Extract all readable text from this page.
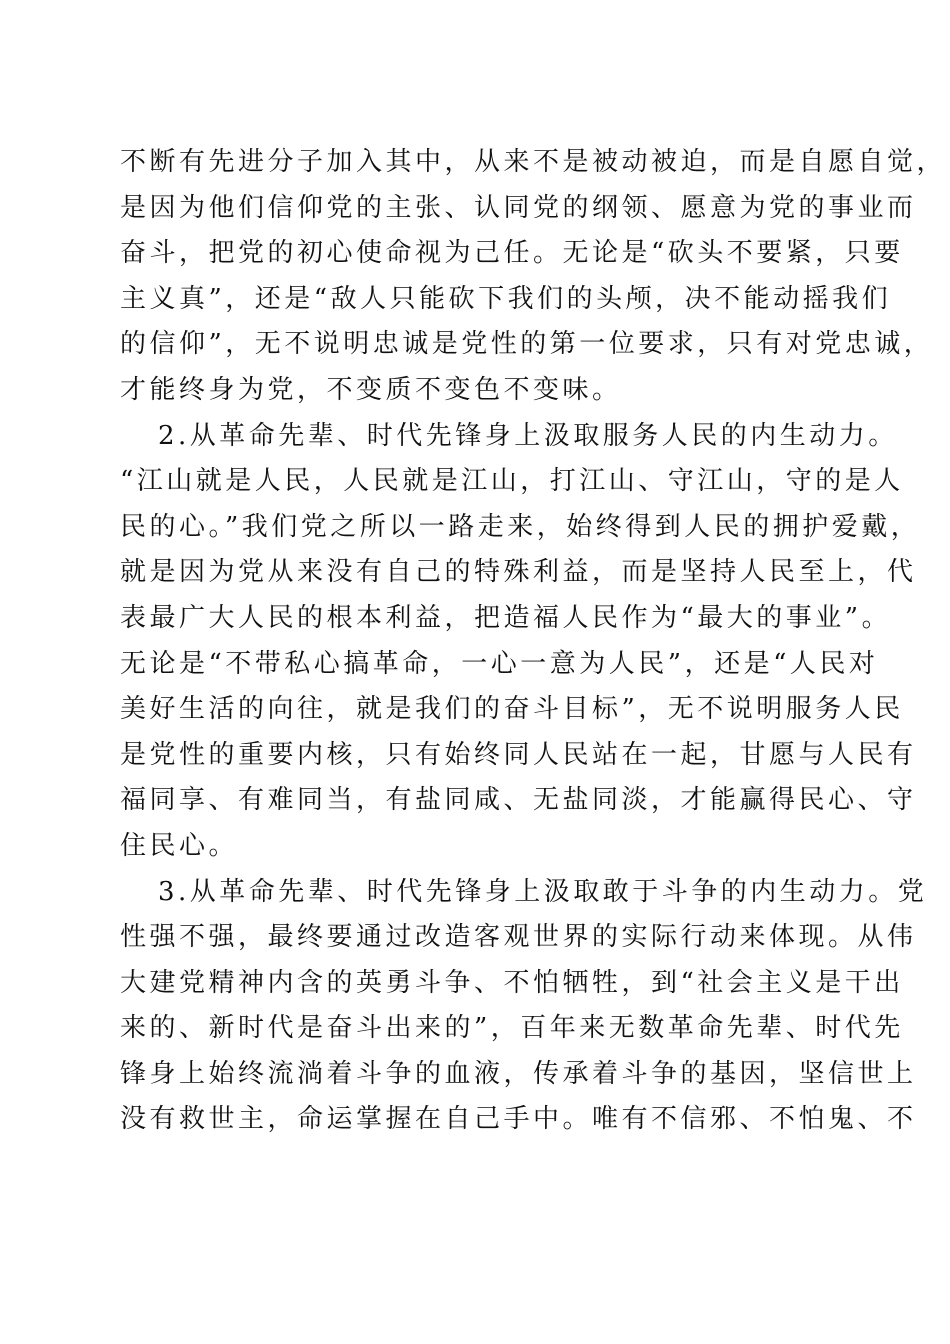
不断有先进分子加入其中，从来不是被动被迫，而是自愿自觉，
是因为他们信仰党的主张、认同党的纲领、愿意为党的事业而
奋斗，把党的初心使命视为己任。无论是“砍头不要紧，只要
主义真”，还是“敌人只能砍下我们的头颅，决不能动摇我们
的信仰”，无不说明忠诚是党性的第一位要求，只有对党忠诚，
才能终身为党，不变质不变色不变味。
2.从革命先辈、时代先锋身上汲取服务人民的内生动力。
“江山就是人民，人民就是江山，打江山、守江山，守的是人
民的心。”我们党之所以一路走来，始终得到人民的拥护爱戴，
就是因为党从来没有自己的特殊利益，而是坚持人民至上，代
表最广大人民的根本利益，把造福人民作为“最大的事业”。
无论是“不带私心搞革命，一心一意为人民”，还是“人民对
美好生活的向往，就是我们的奋斗目标”，无不说明服务人民
是党性的重要内核，只有始终同人民站在一起，甘愿与人民有
福同享、有难同当，有盐同咸、无盐同淡，才能赢得民心、守
住民心。
3.从革命先辈、时代先锋身上汲取敢于斗争的内生动力。党
性强不强，最终要通过改造客观世界的实际行动来体现。从伟
大建党精神内含的英勇斗争、不怕牺牲，到“社会主义是干出
来的、新时代是奋斗出来的”，百年来无数革命先辈、时代先
锋身上始终流淌着斗争的血液，传承着斗争的基因，坚信世上
没有救世主，命运掌握在自己手中。唯有不信邪、不怕鬼、不
